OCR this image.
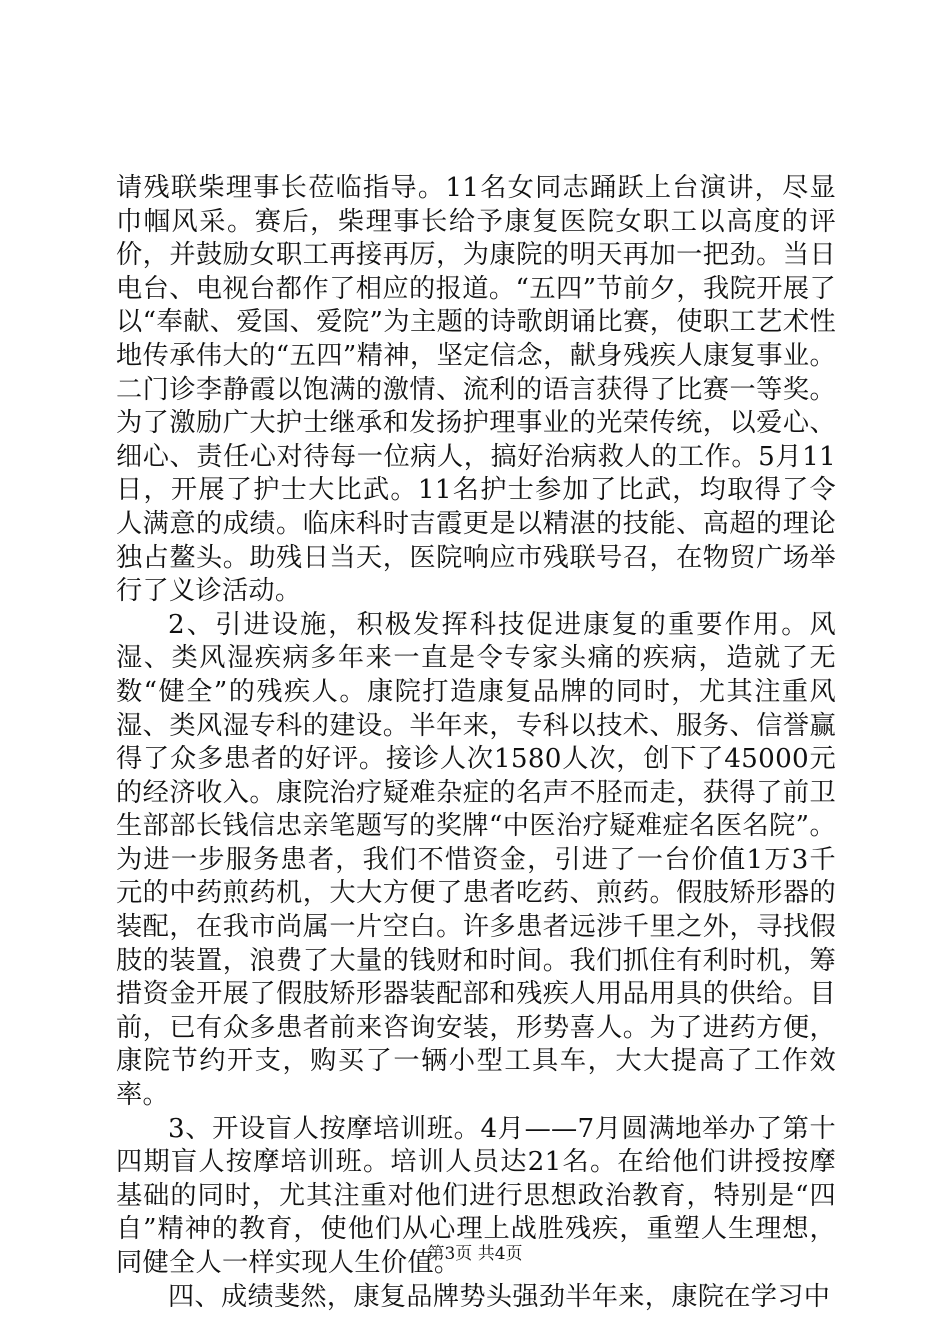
请残联柴理事长莅临指导。11名女同志踊跃上台演讲，尽显巾帼风采。赛后，柴理事长给予康复医院女职工以高度的评价，并鼓励女职工再接再厉，为康院的明天再加一把劲。当日电台、电视台都作了相应的报道。“五四”节前夕，我院开展了以“奉献、爱国、爱院”为主题的诗歌朗诵比赛，使职工艺术性地传承伟大的“五四”精神，坚定信念，献身残疾人康复事业。二门诊李静霞以饱满的激情、流利的语言获得了比赛一等奖。为了激励广大护士继承和发扬护理事业的光荣传统，以爱心、细心、责任心对待每一位病人，搞好治病救人的工作。5月11日，开展了护士大比武。11名护士参加了比武，均取得了令人满意的成绩。临床科时吉霞更是以精湛的技能、高超的理论独占鳌头。助残日当天，医院响应市残联号召，在物贸广场举行了义诊活动。

2、引进设施，积极发挥科技促进康复的重要作用。风湿、类风湿疾病多年来一直是令专家头痛的疾病，造就了无数“健全”的残疾人。康院打造康复品牌的同时，尤其注重风湿、类风湿专科的建设。半年来，专科以技术、服务、信誉赢得了众多患者的好评。接诊人次1580人次，创下了45000元的经济收入。康院治疗疑难杂症的名声不胫而走，获得了前卫生部部长钱信忠亲笔题写的奖牌“中医治疗疑难症名医名院”。为进一步服务患者，我们不惜资金，引进了一台价值1万3千元的中药煎药机，大大方便了患者吃药、煎药。假肢矫形器的装配，在我市尚属一片空白。许多患者远涉千里之外，寻找假肢的装置，浪费了大量的钱财和时间。我们抓住有利时机，筹措资金开展了假肢矫形器装配部和残疾人用品用具的供给。目前，已有众多患者前来咨询安装，形势喜人。为了进药方便，康院节约开支，购买了一辆小型工具车，大大提高了工作效率。

3、开设盲人按摩培训班。4月——7月圆满地举办了第十四期盲人按摩培训班。培训人员达21名。在给他们讲授按摩基础的同时，尤其注重对他们进行思想政治教育，特别是“四自”精神的教育，使他们从心理上战胜残疾，重塑人生理想，同健全人一样实现人生价值。

四、成绩斐然，康复品牌势头强劲半年来，康院在学习中

第3页 共4页
